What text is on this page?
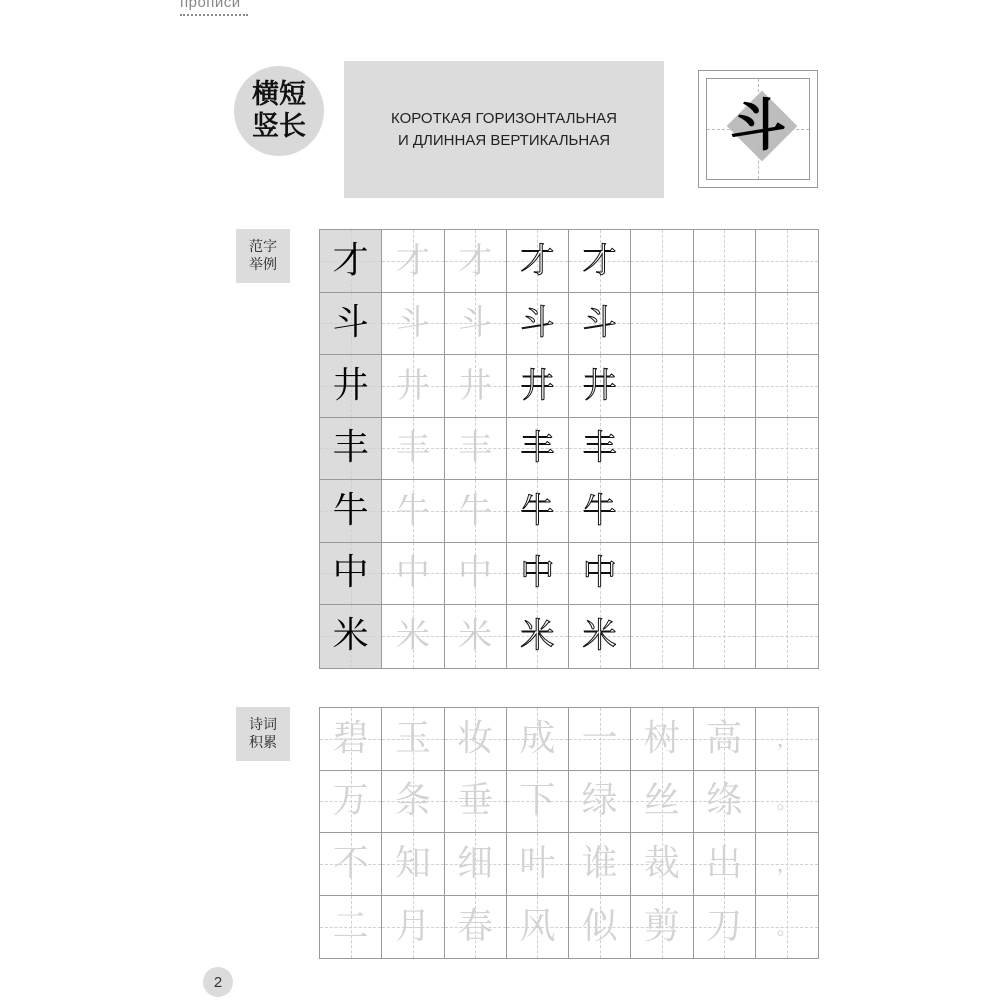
прописи
横短
竖长	КОРОТКАЯ ГОРИЗОНТАЛЬНАЯ
И ДЛИННАЯ ВЕРТИКАЛЬНАЯ	斗
范字
举例 才 才 才 才 才
斗 斗 斗 斗 斗
井 井 井 井 井
丰 丰 丰 丰 丰
牛 牛 牛 牛 牛
中 中 中 中 中
米 米 米 米 米
诗词
积累 碧 玉 妆 成 一 树 高 ，
万 条 垂 下 绿 丝 绦 。
不 知 细 叶 谁 裁 出 ，
二 月 春 风 似 剪 刀 。
2
